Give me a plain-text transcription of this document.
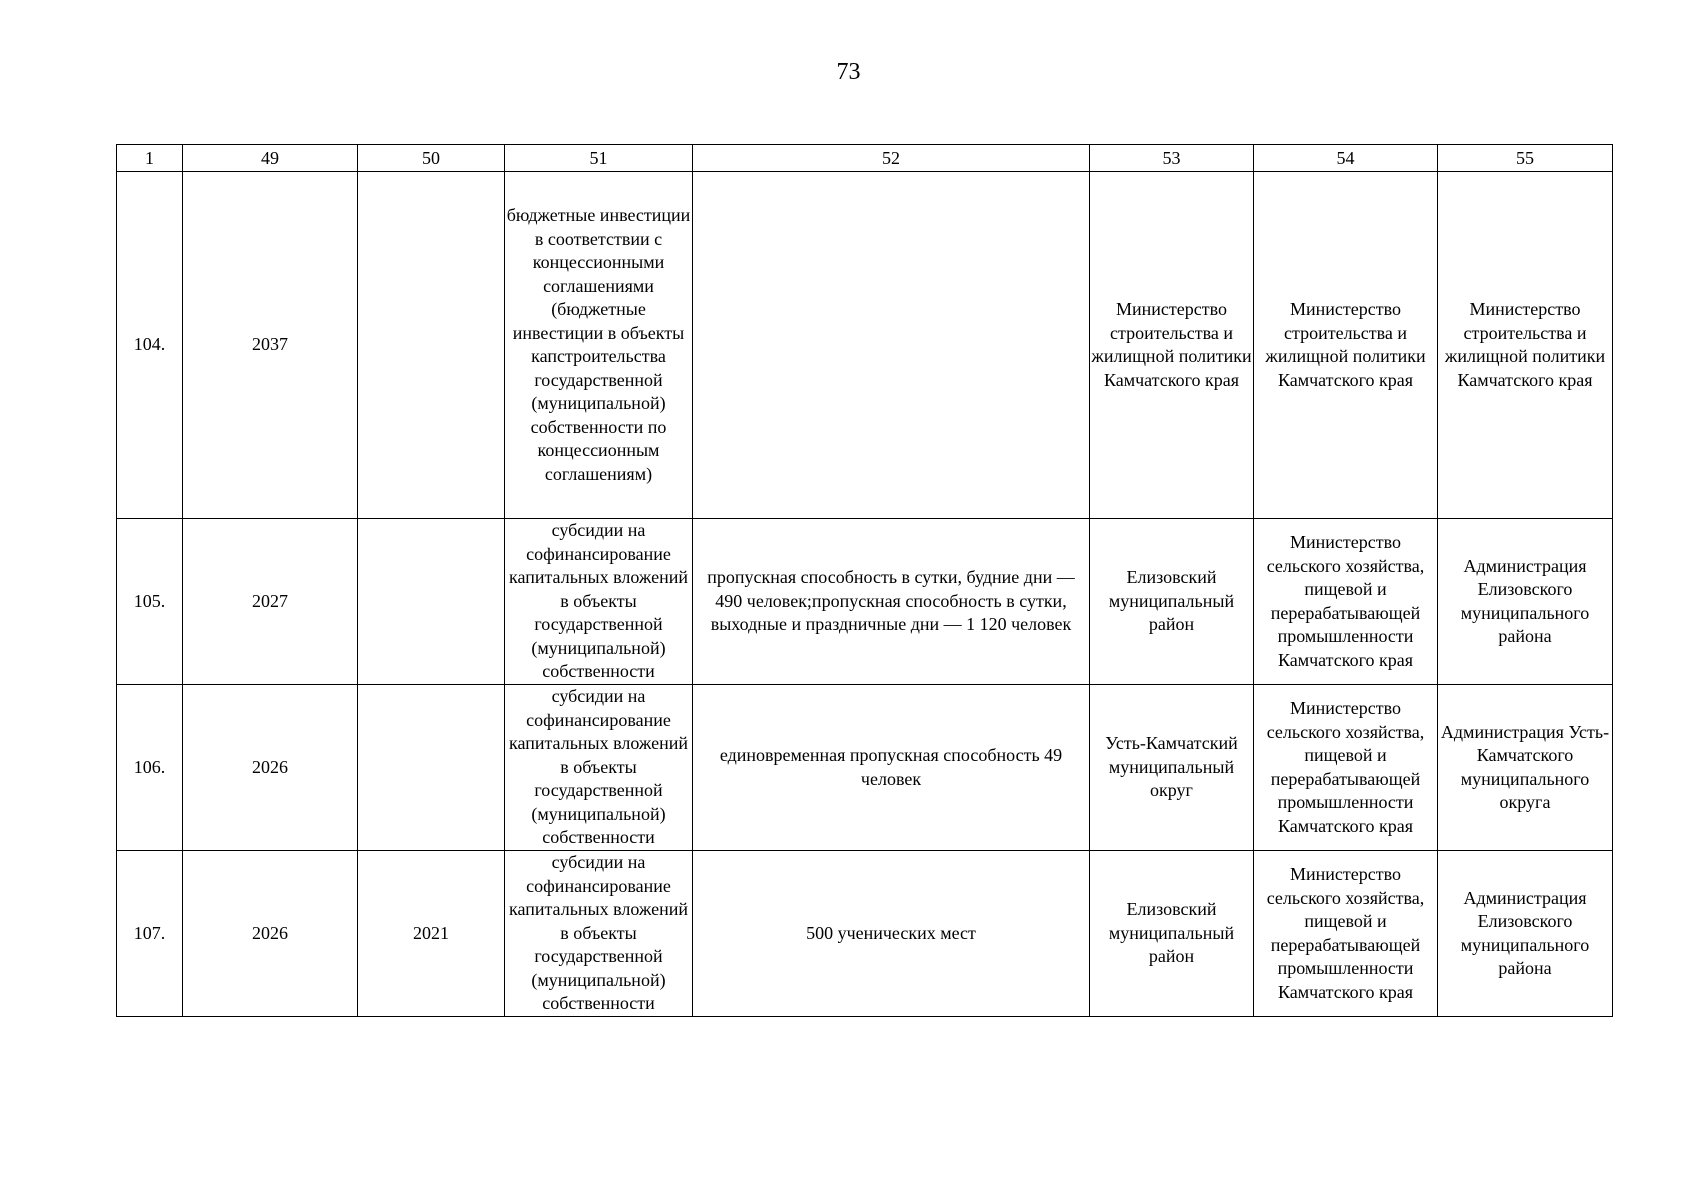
73
1	49	50	51	52	53	54	55
104.	2037		бюджетные инвестиции в соответствии с концессионными соглашениями (бюджетные инвестиции в объекты капстроительства государственной (муниципальной) собственности по концессионным соглашениям)		Министерство строительства и жилищной политики Камчатского края	Министерство строительства и жилищной политики Камчатского края	Министерство строительства и жилищной политики Камчатского края
105.	2027		субсидии на софинансирование капитальных вложений в объекты государственной (муниципальной) собственности	пропускная способность в сутки, будние дни — 490 человек;пропускная способность в сутки, выходные и праздничные дни — 1 120 человек	Елизовский муниципальный район	Министерство сельского хозяйства, пищевой и перерабатывающей промышленности Камчатского края	Администрация Елизовского муниципального района
106.	2026		субсидии на софинансирование капитальных вложений в объекты государственной (муниципальной) собственности	единовременная пропускная способность 49 человек	Усть-Камчатский муниципальный округ	Министерство сельского хозяйства, пищевой и перерабатывающей промышленности Камчатского края	Администрация Усть-Камчатского муниципального округа
107.	2026	2021	субсидии на софинансирование капитальных вложений в объекты государственной (муниципальной) собственности	500 ученических мест	Елизовский муниципальный район	Министерство сельского хозяйства, пищевой и перерабатывающей промышленности Камчатского края	Администрация Елизовского муниципального района
